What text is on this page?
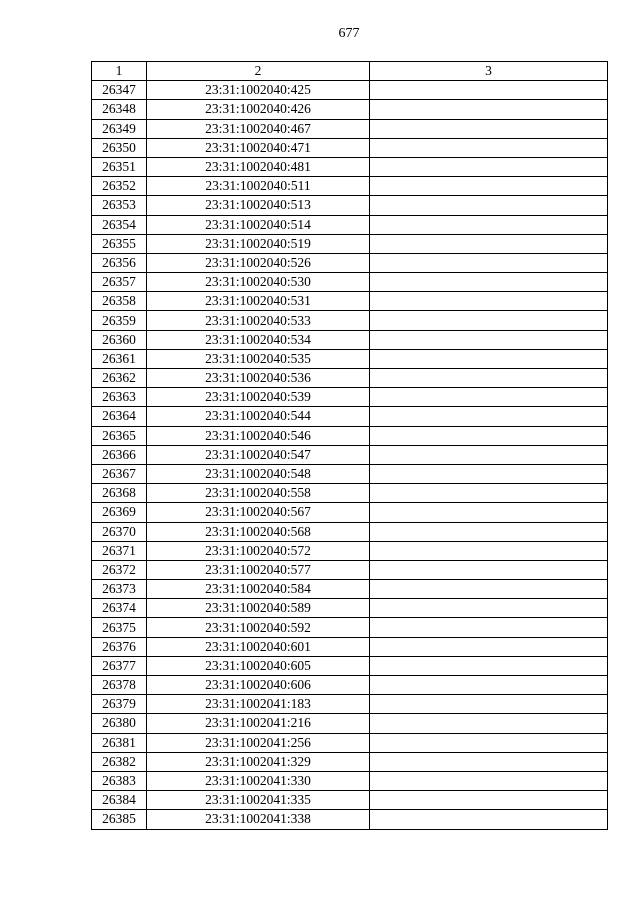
677
1	2	3
26347	23:31:1002040:425	
26348	23:31:1002040:426	
26349	23:31:1002040:467	
26350	23:31:1002040:471	
26351	23:31:1002040:481	
26352	23:31:1002040:511	
26353	23:31:1002040:513	
26354	23:31:1002040:514	
26355	23:31:1002040:519	
26356	23:31:1002040:526	
26357	23:31:1002040:530	
26358	23:31:1002040:531	
26359	23:31:1002040:533	
26360	23:31:1002040:534	
26361	23:31:1002040:535	
26362	23:31:1002040:536	
26363	23:31:1002040:539	
26364	23:31:1002040:544	
26365	23:31:1002040:546	
26366	23:31:1002040:547	
26367	23:31:1002040:548	
26368	23:31:1002040:558	
26369	23:31:1002040:567	
26370	23:31:1002040:568	
26371	23:31:1002040:572	
26372	23:31:1002040:577	
26373	23:31:1002040:584	
26374	23:31:1002040:589	
26375	23:31:1002040:592	
26376	23:31:1002040:601	
26377	23:31:1002040:605	
26378	23:31:1002040:606	
26379	23:31:1002041:183	
26380	23:31:1002041:216	
26381	23:31:1002041:256	
26382	23:31:1002041:329	
26383	23:31:1002041:330	
26384	23:31:1002041:335	
26385	23:31:1002041:338	
